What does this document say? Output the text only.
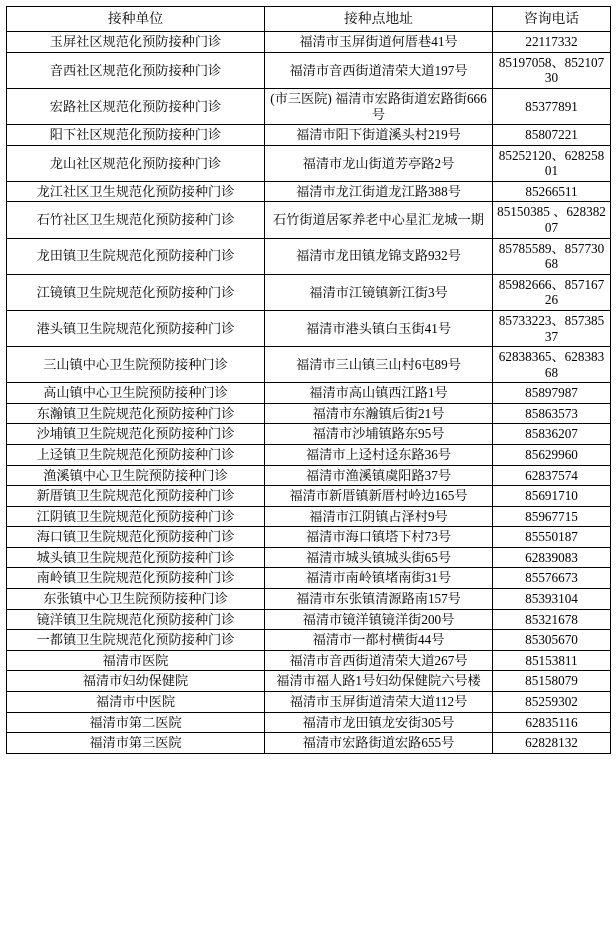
接种单位	接种点地址	咨询电话
玉屏社区规范化预防接种门诊	福清市玉屏街道何厝巷41号	22117332
音西社区规范化预防接种门诊	福清市音西街道清荣大道197号	85197058、85210730
宏路社区规范化预防接种门诊	(市三医院) 福清市宏路街道宏路街666号	85377891
阳下社区规范化预防接种门诊	福清市阳下街道溪头村219号	85807221
龙山社区规范化预防接种门诊	福清市龙山街道芳亭路2号	85252120、62825801
龙江社区卫生规范化预防接种门诊	福清市龙江街道龙江路388号	85266511
石竹社区卫生规范化预防接种门诊	石竹街道居冢养老中心星汇龙城一期	85150385 、62838207
龙田镇卫生院规范化预防接种门诊	福清市龙田镇龙锦支路932号	85785589、85773068
江镜镇卫生院规范化预防接种门诊	福清市江镜镇新江街3号	85982666、85716726
港头镇卫生院规范化预防接种门诊	福清市港头镇白玉街41号	85733223、85738537
三山镇中心卫生院预防接种门诊	福清市三山镇三山村6屯89号	62838365、62838368
高山镇中心卫生院预防接种门诊	福清市高山镇西江路1号	85897987
东瀚镇卫生院规范化预防接种门诊	福清市东瀚镇后街21号	85863573
沙埔镇卫生院规范化预防接种门诊	福清市沙埔镇路东95号	85836207
上迳镇卫生院规范化预防接种门诊	福清市上迳村迳东路36号	85629960
渔溪镇中心卫生院预防接种门诊	福清市渔溪镇虞阳路37号	62837574
新厝镇卫生院规范化预防接种门诊	福清市新厝镇新厝村岭边165号	85691710
江阴镇卫生院规范化预防接种门诊	福清市江阴镇占泽村9号	85967715
海口镇卫生院规范化预防接种门诊	福清市海口镇塔下村73号	85550187
城头镇卫生院规范化预防接种门诊	福清市城头镇城头街65号	62839083
南岭镇卫生院规范化预防接种门诊	福清市南岭镇堵南街31号	85576673
东张镇中心卫生院预防接种门诊	福清市东张镇清源路南157号	85393104
镜洋镇卫生院规范化预防接种门诊	福清市镜洋镇镜洋街200号	85321678
一都镇卫生院规范化预防接种门诊	福清市一都村横街44号	85305670
福清市医院	福清市音西街道清荣大道267号	85153811
福清市妇幼保健院	福清市福人路1号妇幼保健院六号楼	85158079
福清市中医院	福清市玉屏街道清荣大道112号	85259302
福清市第二医院	福清市龙田镇龙安街305号	62835116
福清市第三医院	福清市宏路街道宏路655号	62828132
